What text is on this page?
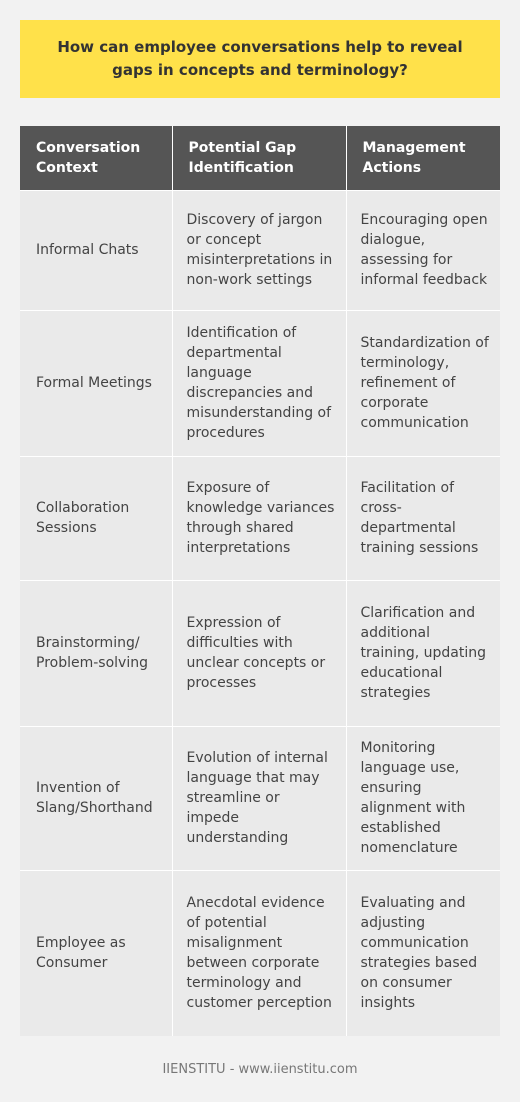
How can employee conversations help to reveal gaps in concepts and terminology?
Conversation Context	Potential Gap Identification	Management Actions
Informal Chats	Discovery of jargon or concept misinterpretations in non-work settings	Encouraging open dialogue, assessing for informal feedback
Formal Meetings	Identification of departmental language discrepancies and misunderstanding of procedures	Standardization of terminology, refinement of corporate communication
Collaboration Sessions	Exposure of knowledge variances through shared interpretations	Facilitation of cross-departmental training sessions
Brainstorming/ Problem-solving	Expression of difficulties with unclear concepts or processes	Clarification and additional training, updating educational strategies
Invention of Slang/Shorthand	Evolution of internal language that may streamline or impede understanding	Monitoring language use, ensuring alignment with established nomenclature
Employee as Consumer	Anecdotal evidence of potential misalignment between corporate terminology and customer perception	Evaluating and adjusting communication strategies based on consumer insights
IIENSTITU - www.iienstitu.com
